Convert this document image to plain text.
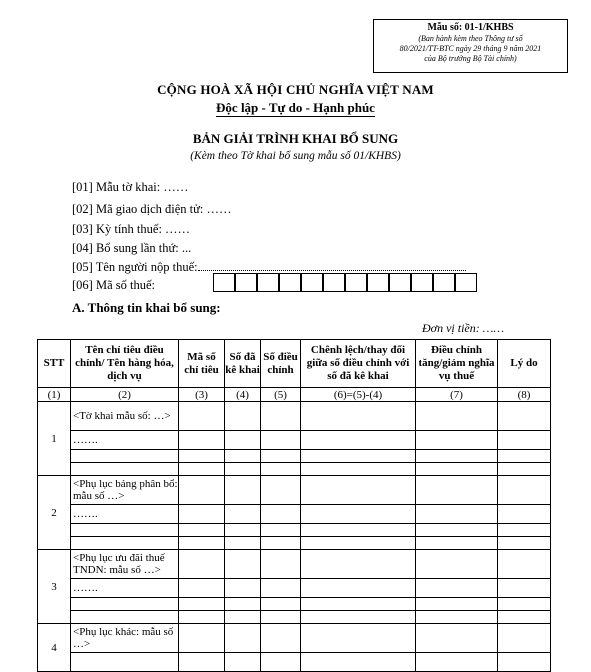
Mẫu số: 01-1/KHBS
(Ban hành kèm theo Thông tư số
80/2021/TT-BTC ngày 29 tháng 9 năm 2021
của Bộ trưởng Bộ Tài chính)
CỘNG HOÀ XÃ HỘI CHỦ NGHĨA VIỆT NAM
Độc lập - Tự do - Hạnh phúc
BẢN GIẢI TRÌNH KHAI BỔ SUNG
(Kèm theo Tờ khai bổ sung mẫu số 01/KHBS)
[01] Mẫu tờ khai: ……
[02] Mã giao dịch điện tử: ……
[03] Kỳ tính thuế: ……
[04] Bổ sung lần thứ: ...
[05] Tên người nộp thuế:
[06] Mã số thuế:
A. Thông tin khai bổ sung:
Đơn vị tiền: ……
STT	Tên chỉ tiêu điều chỉnh/ Tên hàng hóa, dịch vụ	Mã số chỉ tiêu	Số đã kê khai	Số điều chỉnh	Chênh lệch/thay đổi giữa số điều chỉnh với số đã kê khai	Điều chỉnh tăng/giảm nghĩa vụ thuế	Lý do
(1)	(2)	(3)	(4)	(5)	(6)=(5)-(4)	(7)	(8)
1	<Tờ khai mẫu số: …>						
	…….						

2	<Phụ lục bảng phân bổ: mẫu số …>						
	…….						

3	<Phụ lục ưu đãi thuế TNDN: mẫu số …>						
	…….						

4	<Phụ lục khác: mẫu số …>						
